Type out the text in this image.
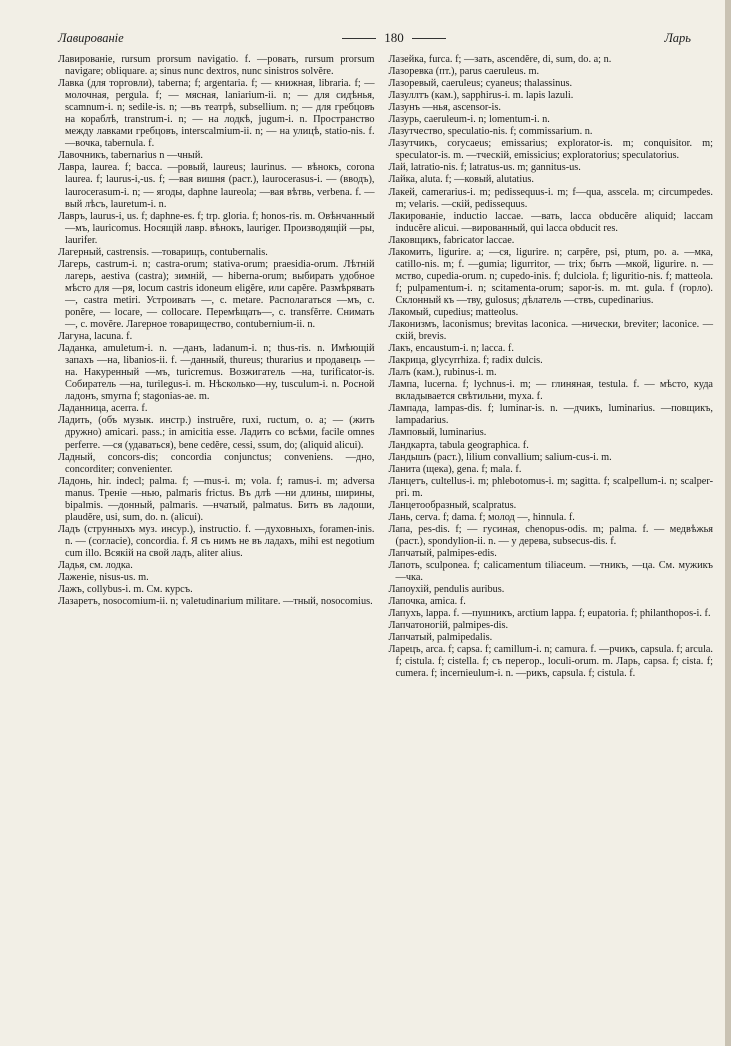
Лавированіе	180	Ларь

Лавированіе, rursum prorsum navigatio. f. —ровать, rursum prorsum navigare; obliquare. a; sinus nunc dextros, nunc sinistros solvĕre.

Лавка (для торговли), taberna; f; argentaria. f; — книжная, libraria. f; — молочная, pergula. f; — мясная, laniarium-ii. n; — для сидѣнья, scamnum-i. n; sedile-is. n; —въ театрѣ, subsellium. n; — для гребцовъ на кораблѣ, transtrum-i. n; — на лодкѣ, jugum-i. n. Пространство между лавками гребцовъ, interscalmium-ii. n; — на улицѣ, statio-nis. f. —вочка, tabernula. f.

Лавочникъ, tabernarius n —чный.

Лавра, laurea. f; bacca. —ровый, laureus; laurinus. — вѣнокъ, corona laurea. f; laurus-i,-us. f; —вая вишня (раст.), laurocerasus-i. — (вводъ), laurocerasum-i. n; — ягоды, daphne laureola; —вая вѣтвь, verbena. f. —вый лѣсъ, lauretum-i. n.

Лавръ, laurus-i, us. f; daphne-es. f; trp. gloria. f; honos-ris. m. Овѣнчанный —мъ, lauricomus. Носящій лавр. вѣнокъ, lauriger. Производящій —ры, laurifer.

Лагерный, castrensis. —товарищъ, contubernalis.

Лагерь, castrum-i. n; castra-orum; stativa-orum; praesidia-orum. Лѣтній лагерь, aestiva (castra); зимній, — hiberna-orum; выбирать удобное мѣсто для —ря, locum castris idoneum eligĕre, или capĕre. Размѣрявать —, castra metiri. Устроивать —, c. metare. Располагаться —мъ, c. ponĕre, — locare, — collocare. Перемѣщать—, c. transfĕrre. Снимать —, c. movĕre. Лагерное товарищество, contubernium-ii. n.

Лагуна, lacuna. f.

Ладанка, amuletum-i. n. —данъ, ladanum-i. n; thus-ris. n. Имѣющій запахъ —на, libanios-ii. f. —данный, thureus; thurarius и продавецъ —на. Накуренный —мъ, turicremus. Возжигатель —на, turificator-is. Собиратель —на, turilegus-i. m. Нѣсколько—ну, tusculum-i. n. Росной ладонъ, smyrna f; stagonias-ae. m.

Ладанница, acerra. f.

Ладить, (объ музык. инстр.) instruĕre, ruxi, ructum, o. a; — (жить дружно) amicari. pass.; in amicitia esse. Ладить со всѣми, facile omnes perferre. —ся (удаваться), bene cedĕre, cessi, ssum, do; (aliquid alicui).

Ладный, concors-dis; concordia conjunctus; conveniens. —дно, concorditer; convenienter.

Ладонь, hir. indecl; palma. f; —mus-i. m; vola. f; ramus-i. m; adversa manus. Треніе —нью, palmaris frictus. Въ длѣ —ни длины, ширины, bipalmis. —донный, palmaris. —нчатый, palmatus. Бить въ ладоши, plaudĕre, usi, sum, do. n. (alicui).

Ладъ (струнныхъ муз. инсур.), instructio. f. —духовныхъ, foramen-inis. n. — (согласіе), concordia. f. Я съ нимъ не въ ладахъ, mihi est negotium cum illo. Всякій на свой ладъ, aliter alius.

Ладья, см. лодка.

Лаженіе, nisus-us. m.

Лажъ, collybus-i. m. См. курсъ.

Лазаретъ, nosocomium-ii. n; valetudinarium militare. —тный, nosocomius.

Лазейка, furca. f; —зать, ascendĕre, di, sum, do. a; n.

Лазоревка (пт.), parus caeruleus. m.

Лазоревый, caeruleus; cyaneus; thalassinus.

Лазуллтъ (кам.), sapphirus-i. m. lapis lazuli.

Лазунъ —нья, ascensor-is.

Лазурь, caeruleum-i. n; lomentum-i. n.

Лазутчество, speculatio-nis. f; commissarium. n.

Лазутчикъ, corycaeus; emissarius; explorator-is. m; conquisitor. m; speculator-is. m. —тческій, emissicius; exploratorius; speculatorius.

Лай, latratio-nis. f; latratus-us. m; gannitus-us.

Лайка, aluta. f; —ковый, alutatius.

Лакей, camerarius-i. m; pedissequus-i. m; f—qua, asscela. m; circumpedes. m; velaris. —скій, pedissequus.

Лакированіе, inductio laccae. —вать, lacca obducĕre aliquid; laccam inducĕre alicui. —вированный, qui lacca obducit res.

Лаковщикъ, fabricator laccae.

Лакомить, ligurire. a; —ся, ligurire. n; carpĕre, psi, ptum, po. a. —мка, catillo-nis. m; f. —gumia; ligurritor, — trix; быть —мкой, ligurire. n. —мство, cupedia-orum. n; cupedo-inis. f; dulciola. f; liguritio-nis. f; matteola. f; pulpamentum-i. n; scitamenta-orum; sapor-is. m. mt. gula. f (горло). Склонный къ —тву, gulosus; дѣлатель —ствъ, cupedinarius.

Лакомый, cupedius; matteolus.

Лаконизмъ, laconismus; brevitas laconica. —нически, breviter; laconice. —скій, brevis.

Лакъ, encaustum-i. n; lacca. f.

Лакрица, glycyrrhiza. f; radix dulcis.

Лалъ (кам.), rubinus-i. m.

Лампа, lucerna. f; lychnus-i. m; — глиняная, testula. f. — мѣсто, куда вкладывается свѣтильни, myxa. f.

Лампада, lampas-dis. f; luminar-is. n. —дчикъ, luminarius. —повщикъ, lampadarius.

Ламповый, luminarius.

Ландкарта, tabula geographica. f.

Ландышъ (раст.), lilium convallium; salium-cus-i. m.

Ланита (щека), gena. f; mala. f.

Ланцетъ, cultellus-i. m; phlebotomus-i. m; sagitta. f; scalpellum-i. n; scalper-pri. m.

Ланцетообразный, scalpratus.

Лань, cerva. f; dama. f; молод —, hinnula. f.

Лапа, pes-dis. f; — гусиная, chenopus-odis. m; palma. f. — медвѣжья (раст.), spondylion-ii. n. — у дерева, subsecus-dis. f.

Лапчатый, palmipes-edis.

Лапоть, sculponea. f; calicamentum tiliaceum. —тникъ, —ца. См. мужикъ —чка.

Лапоухій, pendulis auribus.

Лапочка, amica. f.

Лапухъ, lappa. f. —пушникъ, arctium lappa. f; eupatoria. f; philanthopos-i. f.

Лапчатоногій, palmipes-dis.

Лапчатый, palmipedalis.

Ларецъ, arca. f; capsa. f; camillum-i. n; camura. f. —рчикъ, capsula. f; arcula. f; cistula. f; cistella. f; съ перегор., loculi-orum. m. Ларь, capsa. f; cista. f; cumera. f; incernieulum-i. n. —рикъ, capsula. f; cistula. f.
